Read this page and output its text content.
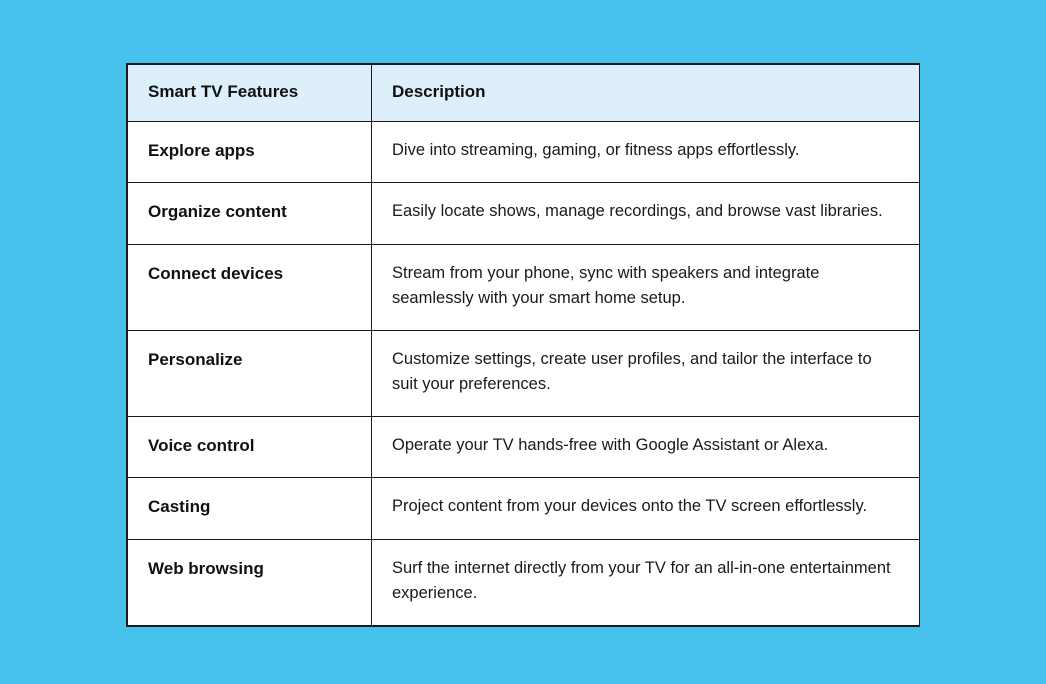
Smart TV Features	Description
Explore apps	Dive into streaming, gaming, or fitness apps effortlessly.
Organize content	Easily locate shows, manage recordings, and browse vast libraries.
Connect devices	Stream from your phone, sync with speakers and integrate seamlessly with your smart home setup.
Personalize	Customize settings, create user profiles, and tailor the interface to suit your preferences.
Voice control	Operate your TV hands-free with Google Assistant or Alexa.
Casting	Project content from your devices onto the TV screen effortlessly.
Web browsing	Surf the internet directly from your TV for an all-in-one entertainment experience.
